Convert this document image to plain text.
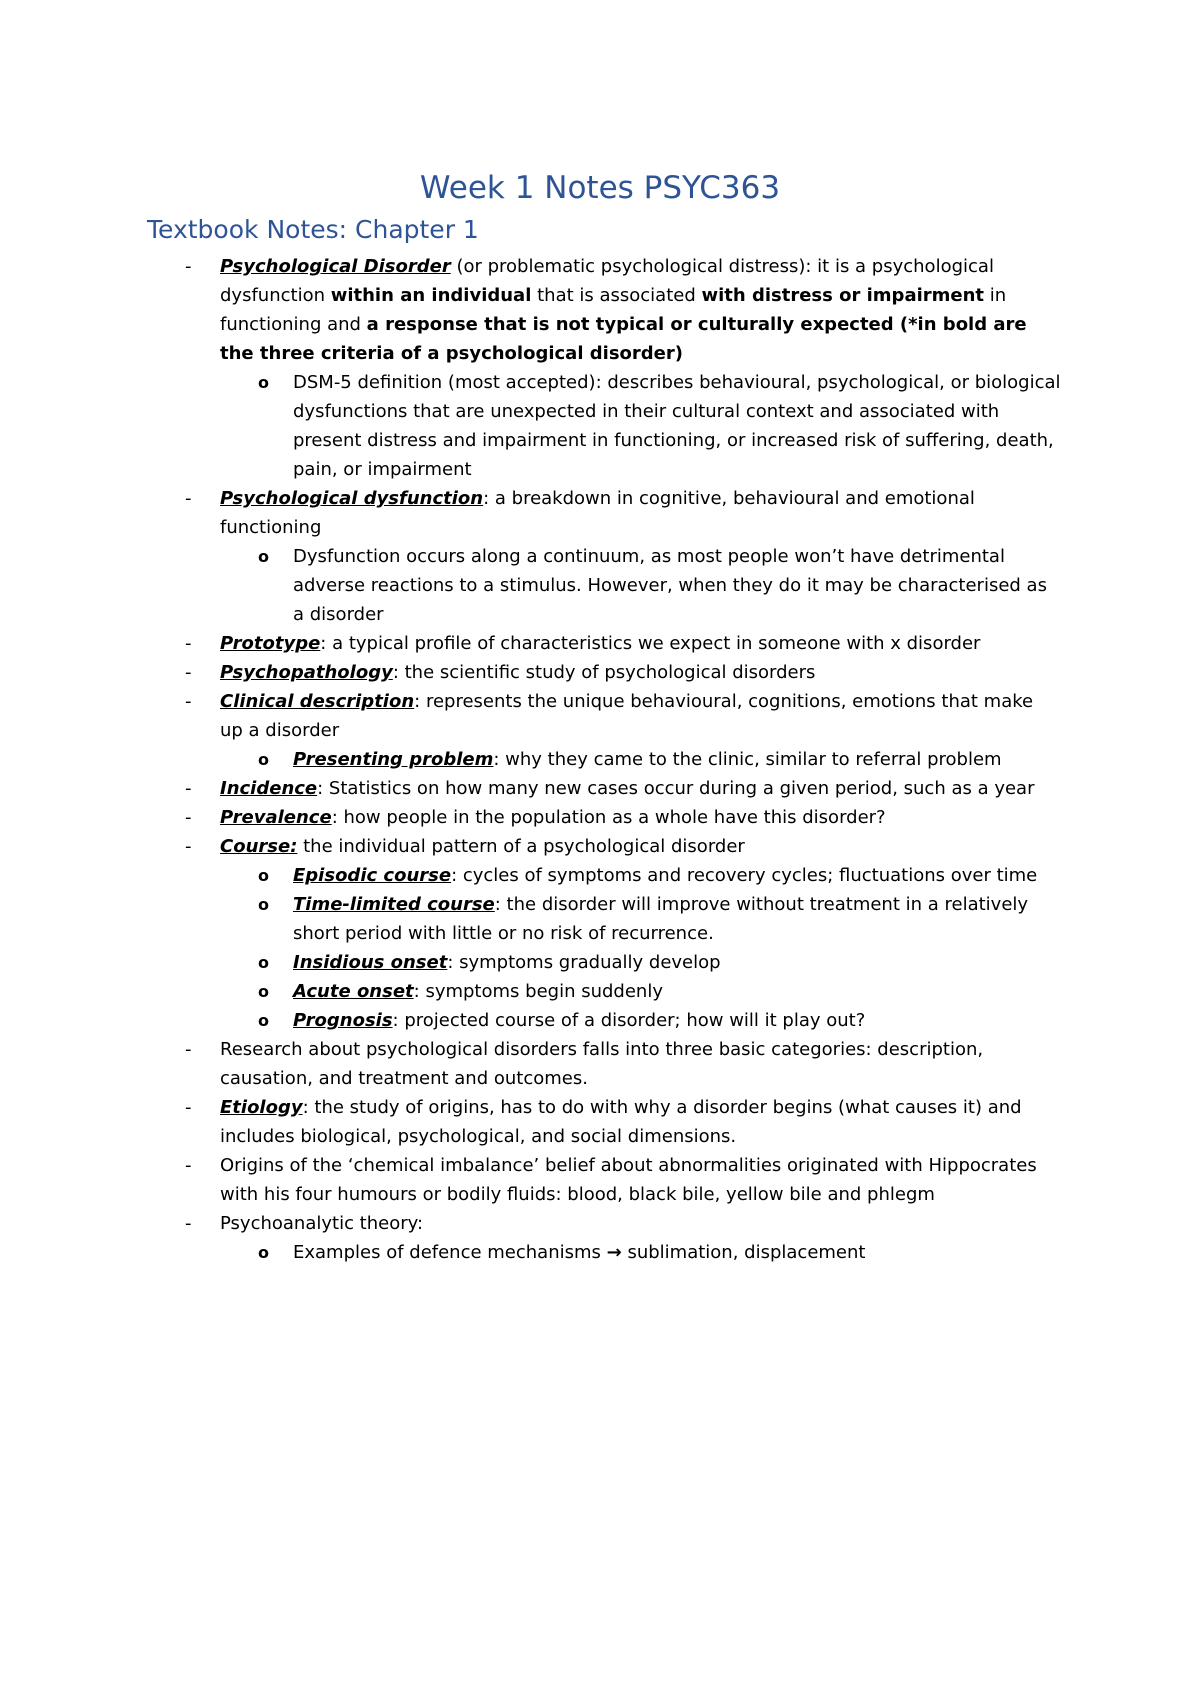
Week 1 Notes PSYC363
Textbook Notes: Chapter 1
- Psychological Disorder (or problematic psychological distress): it is a psychological dysfunction within an individual that is associated with distress or impairment in functioning and a response that is not typical or culturally expected (*in bold are the three criteria of a psychological disorder)
o DSM-5 definition (most accepted): describes behavioural, psychological, or biological dysfunctions that are unexpected in their cultural context and associated with present distress and impairment in functioning, or increased risk of suffering, death, pain, or impairment
- Psychological dysfunction: a breakdown in cognitive, behavioural and emotional functioning
o Dysfunction occurs along a continuum, as most people won’t have detrimental adverse reactions to a stimulus. However, when they do it may be characterised as a disorder
- Prototype: a typical profile of characteristics we expect in someone with x disorder
- Psychopathology: the scientific study of psychological disorders
- Clinical description: represents the unique behavioural, cognitions, emotions that make up a disorder
o Presenting problem: why they came to the clinic, similar to referral problem
- Incidence: Statistics on how many new cases occur during a given period, such as a year
- Prevalence: how people in the population as a whole have this disorder?
- Course: the individual pattern of a psychological disorder
o Episodic course: cycles of symptoms and recovery cycles; fluctuations over time
o Time-limited course: the disorder will improve without treatment in a relatively short period with little or no risk of recurrence.
o Insidious onset: symptoms gradually develop
o Acute onset: symptoms begin suddenly
o Prognosis: projected course of a disorder; how will it play out?
- Research about psychological disorders falls into three basic categories: description, causation, and treatment and outcomes.
- Etiology: the study of origins, has to do with why a disorder begins (what causes it) and includes biological, psychological, and social dimensions.
- Origins of the ‘chemical imbalance’ belief about abnormalities originated with Hippocrates with his four humours or bodily fluids: blood, black bile, yellow bile and phlegm
- Psychoanalytic theory:
o Examples of defence mechanisms → sublimation, displacement
